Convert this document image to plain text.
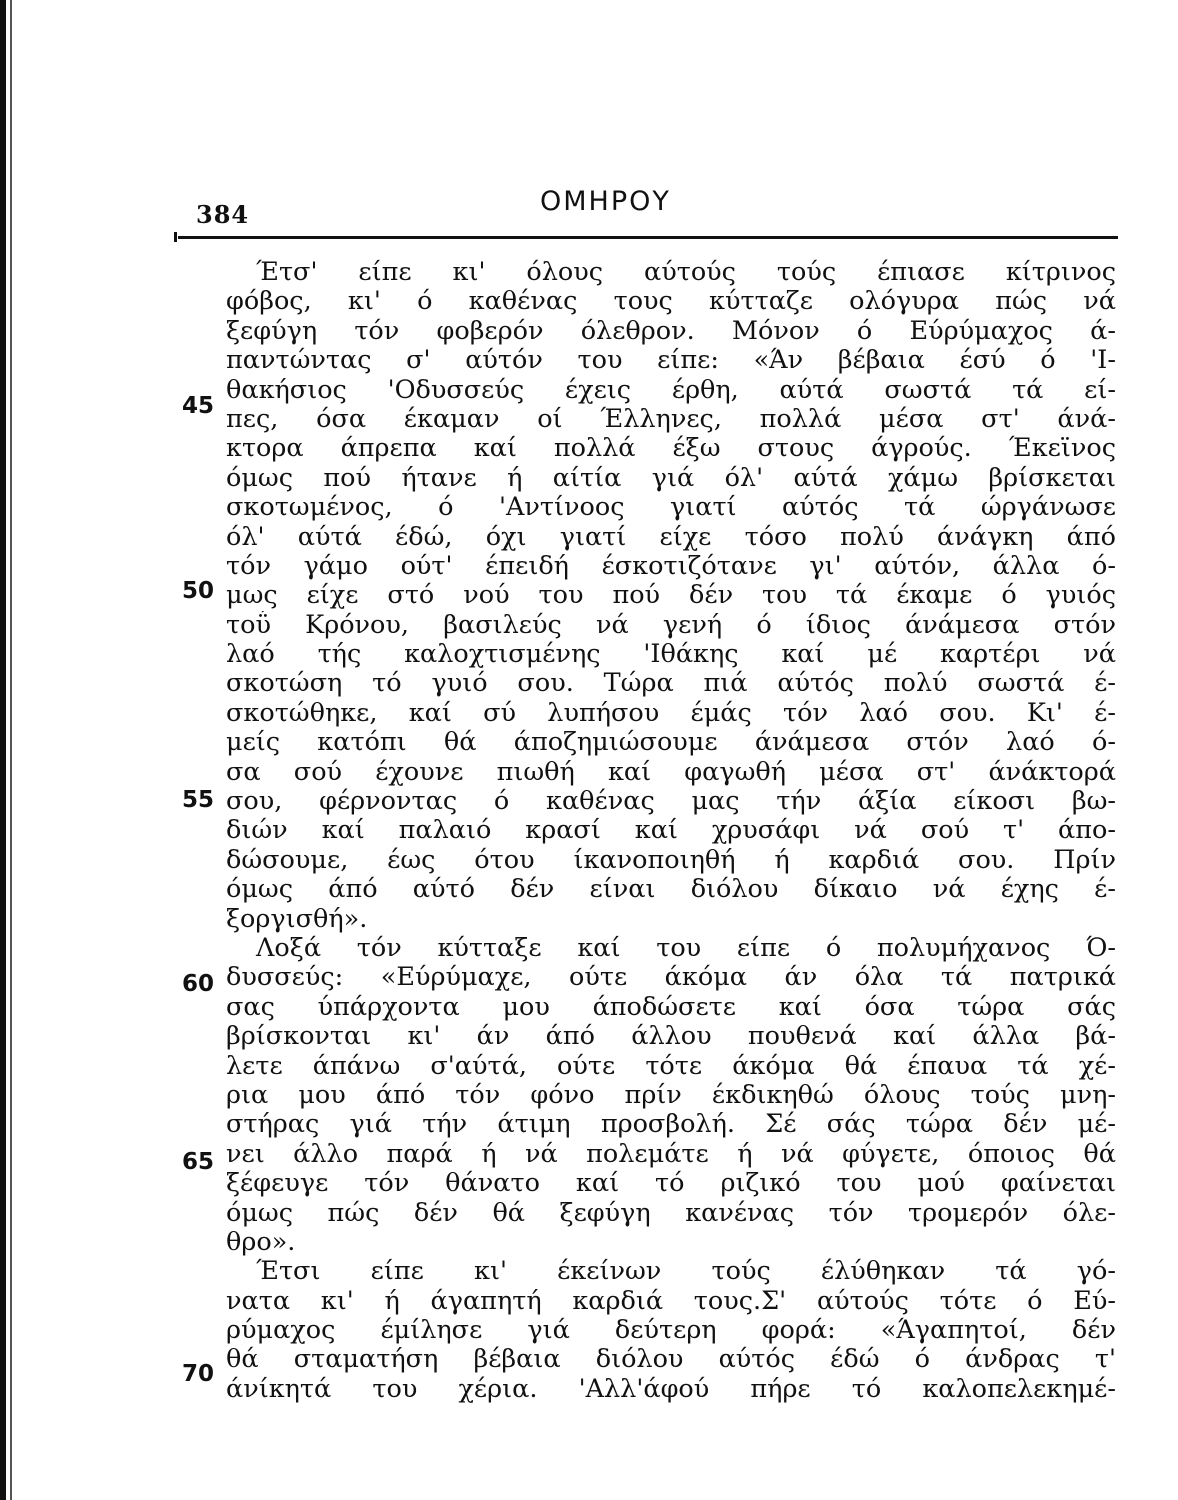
384	ΟΜΗΡΟΥ
45
50
55
60
65
70
Έτσ' είπε κι' όλους αύτούς τούς έπιασε κίτρινος
φόβος, κι' ό καθένας τους κύτταζε ολόγυρα πώς νά
ξεφύγη τόν φοβερόν όλεθρον. Μόνον ό Εύρύμαχος ά-
παντώντας σ' αύτόν του είπε: «Άν βέβαια έσύ ό 'Ι-
θακήσιος 'Οδυσσεύς έχεις έρθη, αύτά σωστά τά εί-
πες, όσα έκαμαν οί Έλληνες, πολλά μέσα στ' άνά-
κτορα άπρεπα καί πολλά έξω στους άγρούς. Έκεϊνος
όμως πού ήτανε ή αίτία γιά όλ' αύτά χάμω βρίσκεται
σκοτωμένος, ό 'Αντίνοος γιατί αύτός τά ώργάνωσε
όλ' αύτά έδώ, όχι γιατί είχε τόσο πολύ άνάγκη άπό
τόν γάμο ούτ' έπειδή έσκοτιζότανε γι' αύτόν, άλλα ό-
μως είχε στό νού του πού δέν του τά έκαμε ό γυιός
τοΰ Κρόνου, βασιλεύς νά γενή ό ίδιος άνάμεσα στόν
λαό τής καλοχτισμένης 'Ιθάκης καί μέ καρτέρι νά
σκοτώση τό γυιό σου. Τώρα πιά αύτός πολύ σωστά έ-
σκοτώθηκε, καί σύ λυπήσου έμάς τόν λαό σου. Κι' έ-
μείς κατόπι θά άποζημιώσουμε άνάμεσα στόν λαό ό-
σα σού έχουνε πιωθή καί φαγωθή μέσα στ' άνάκτορά
σου, φέρνοντας ό καθένας μας τήν άξία είκοσι βω-
διών καί παλαιό κρασί καί χρυσάφι νά σού τ' άπο-
δώσουμε, έως ότου ίκανοποιηθή ή καρδιά σου. Πρίν
όμως άπό αύτό δέν είναι διόλου δίκαιο νά έχης έ-
ξοργισθή».
Λοξά τόν κύτταξε καί του είπε ό πολυμήχανος Ό-
δυσσεύς: «Εύρύμαχε, ούτε άκόμα άν όλα τά πατρικά
σας ύπάρχοντα μου άποδώσετε καί όσα τώρα σάς
βρίσκονται κι' άν άπό άλλου πουθενά καί άλλα βά-
λετε άπάνω σ'αύτά, ούτε τότε άκόμα θά έπαυα τά χέ-
ρια μου άπό τόν φόνο πρίν έκδικηθώ όλους τούς μνη-
στήρας γιά τήν άτιμη προσβολή. Σέ σάς τώρα δέν μέ-
νει άλλο παρά ή νά πολεμάτε ή νά φύγετε, όποιος θά
ξέφευγε τόν θάνατο καί τό ριζικό του μού φαίνεται
όμως πώς δέν θά ξεφύγη κανένας τόν τρομερόν όλε-
θρο».
Έτσι είπε κι' έκείνων τούς έλύθηκαν τά γό-
νατα κι' ή άγαπητή καρδιά τους.Σ' αύτούς τότε ό Εύ-
ρύμαχος έμίλησε γιά δεύτερη φορά: «Άγαπητοί, δέν
θά σταματήση βέβαια διόλου αύτός έδώ ό άνδρας τ'
άνίκητά του χέρια. 'Αλλ'άφού πήρε τό καλοπελεκημέ-
